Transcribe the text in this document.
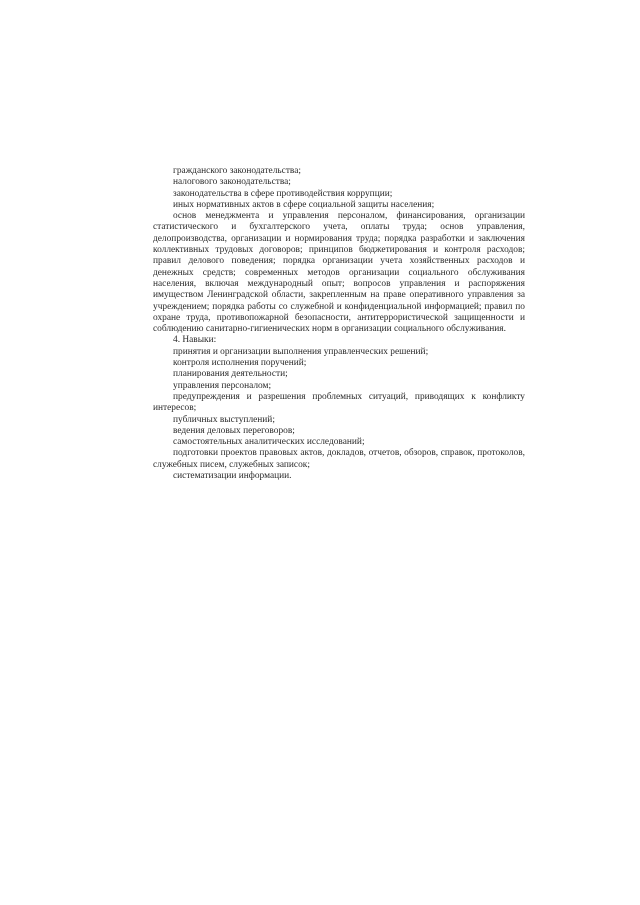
гражданского законодательства;

налогового законодательства;

законодательства в сфере противодействия коррупции;

иных нормативных актов в сфере социальной защиты населения;

основ менеджмента и управления персоналом, финансирования, организации статистического и бухгалтерского учета, оплаты труда; основ управления, делопроизводства, организации и нормирования труда; порядка разработки и заключения коллективных трудовых договоров; принципов бюджетирования и контроля расходов; правил делового поведения; порядка организации учета хозяйственных расходов и денежных средств; современных методов организации социального обслуживания населения, включая международный опыт; вопросов управления и распоряжения имуществом Ленинградской области, закрепленным на праве оперативного управления за учреждением; порядка работы со служебной и конфиденциальной информацией; правил по охране труда, противопожарной безопасности, антитеррористической защищенности и соблюдению санитарно-гигиенических норм в организации социального обслуживания.

4. Навыки:

принятия и организации выполнения управленческих решений;

контроля исполнения поручений;

планирования деятельности;

управления персоналом;

предупреждения и разрешения проблемных ситуаций, приводящих к конфликту интересов;

публичных выступлений;

ведения деловых переговоров;

самостоятельных аналитических исследований;

подготовки проектов правовых актов, докладов, отчетов, обзоров, справок, протоколов, служебных писем, служебных записок;

систематизации информации.
